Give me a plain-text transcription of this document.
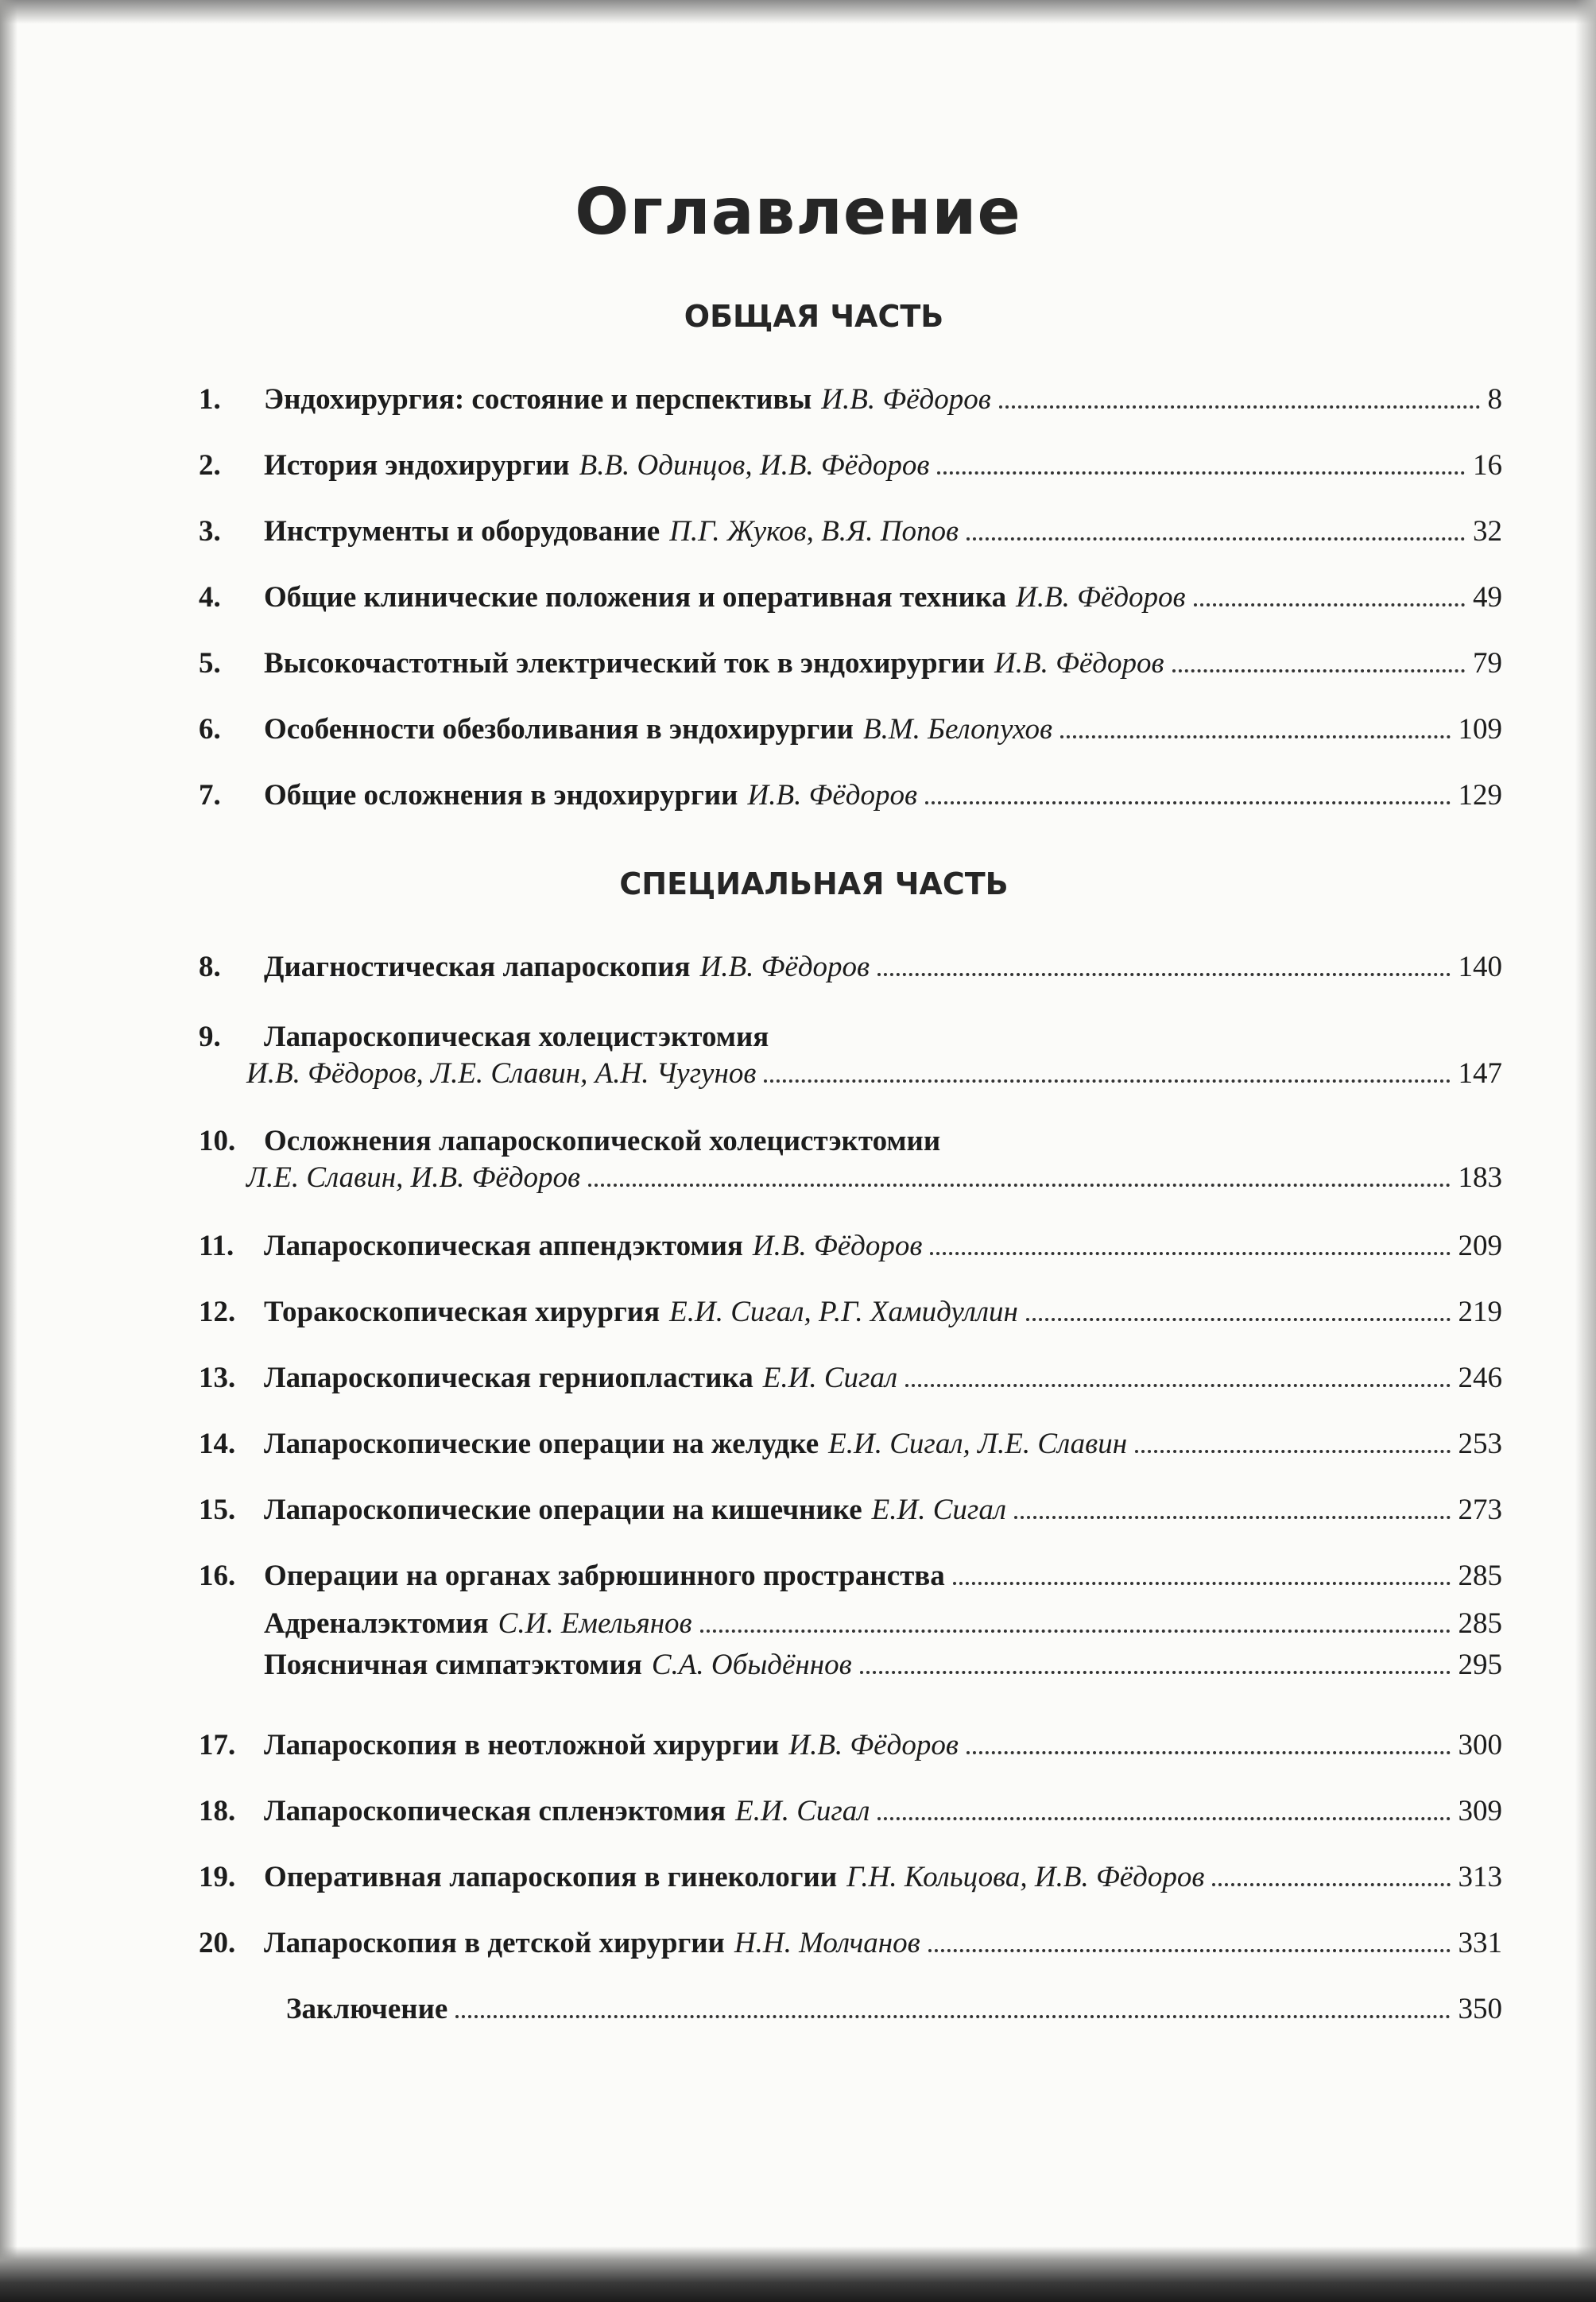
Оглавление
ОБЩАЯ ЧАСТЬ
1.	Эндохирургия: состояние и перспективы И.В. Фёдоров	8
2.	История эндохирургии В.В. Одинцов, И.В. Фёдоров	16
3.	Инструменты и оборудование П.Г. Жуков, В.Я. Попов	32
4.	Общие клинические положения и оперативная техника И.В. Фёдоров	49
5.	Высокочастотный электрический ток в эндохирургии И.В. Фёдоров	79
6.	Особенности обезболивания в эндохирургии В.М. Белопухов	109
7.	Общие осложнения в эндохирургии И.В. Фёдоров	129
СПЕЦИАЛЬНАЯ ЧАСТЬ
8.	Диагностическая лапароскопия И.В. Фёдоров	140
9.	Лапароскопическая холецистэктомия
И.В. Фёдоров, Л.Е. Славин, А.Н. Чугунов	147
10. Осложнения лапароскопической холецистэктомии
Л.Е. Славин, И.В. Фёдоров	183
11.	Лапароскопическая аппендэктомия И.В. Фёдоров	209
12. Торакоскопическая хирургия Е.И. Сигал, Р.Г. Хамидуллин	219
13. Лапароскопическая герниопластика Е.И. Сигал	246
14. Лапароскопические операции на желудке Е.И. Сигал, Л.Е. Славин	253
15. Лапароскопические операции на кишечнике Е.И. Сигал	273
16. Операции на органах забрюшинного пространства	285
Адреналэктомия С.И. Емельянов	285
Поясничная симпатэктомия С.А. Обыдённов	295
17. Лапароскопия в неотложной хирургии И.В. Фёдоров	300
18. Лапароскопическая спленэктомия Е.И. Сигал	309
19. Оперативная лапароскопия в гинекологии Г.Н. Кольцова, И.В. Фёдоров	313
20. Лапароскопия в детской хирургии Н.Н. Молчанов	331
Заключение	350
